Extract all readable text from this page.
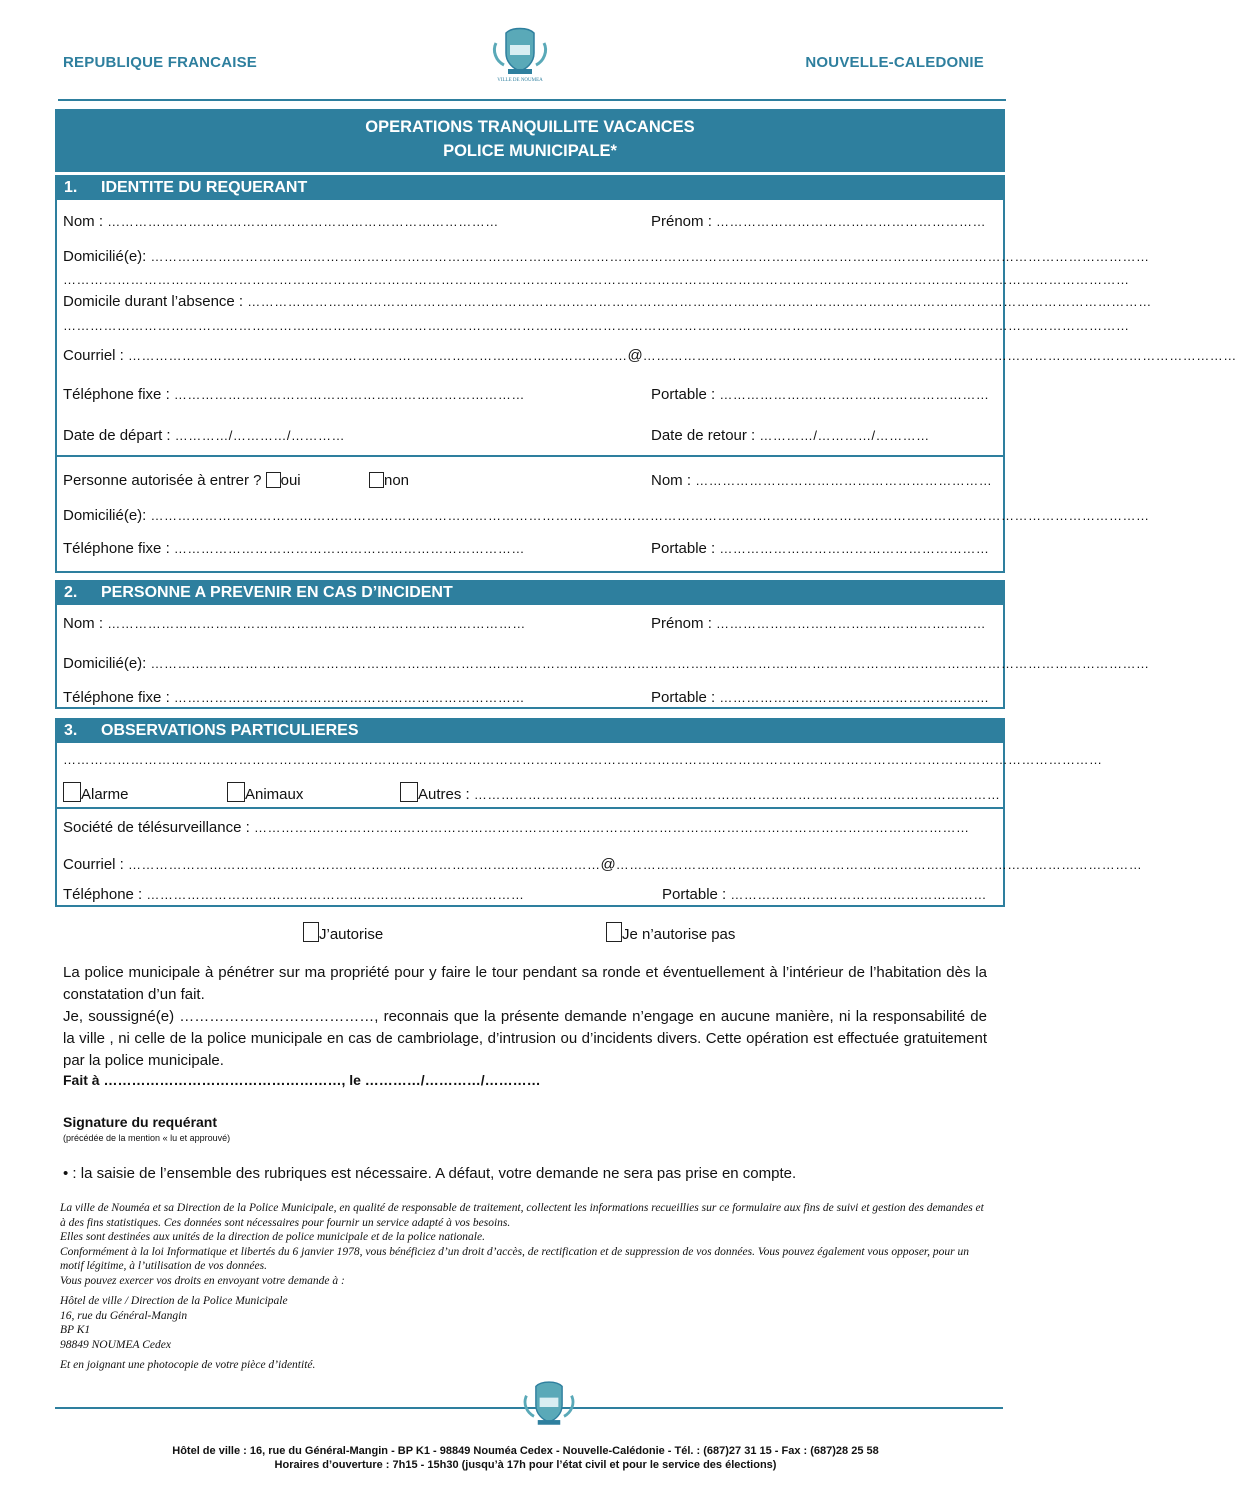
REPUBLIQUE FRANCAISE	NOUVELLE-CALEDONIE
VILLE DE NOUMEA
OPERATIONS TRANQUILLITE VACANCES
POLICE MUNICIPALE*
1. IDENTITE DU REQUERANT
Nom : ……………………………………………………………………………	Prénom : ……………………………………………………
Domicilié(e): ……………………………………………………………………………………………………………………………………………………………………………………………………
…………………………………………………………………………………………………………………………………………………………………………………………………………………
Domicile durant l’absence : …………………………………………………………………………………………………………………………………………………………………………………
…………………………………………………………………………………………………………………………………………………………………………………………………………………
Courriel : …………………………………………………………………………………………………@……………………………………………………………………………………………………………………
Téléphone fixe : ……………………………………………………………………	Portable : ……………………………………………………
Date de départ : …………/…………/…………	Date de retour : …………/…………/…………
Personne autorisée à entrer ? oui	non	Nom : …………………………………………………………
Domicilié(e): ……………………………………………………………………………………………………………………………………………………………………………………………………
Téléphone fixe : ……………………………………………………………………	Portable : ……………………………………………………
2. PERSONNE A PREVENIR EN CAS D’INCIDENT
Nom : …………………………………………………………………………………	Prénom : ……………………………………………………
Domicilié(e): ……………………………………………………………………………………………………………………………………………………………………………………………………
Téléphone fixe : ……………………………………………………………………	Portable : ……………………………………………………
3. OBSERVATIONS PARTICULIERES
……………………………………………………………………………………………………………………………………………………………………………………………………………
Alarme	Animaux	Autres : ………………………………………………………………………………………………………
Société de télésurveillance : ……………………………………………………………………………………………………………………………………………
Courriel : ……………………………………………………………………………………………@………………………………………………………………………………………………………
Téléphone : …………………………………………………………………………	Portable : …………………………………………………
J’autorise	Je n’autorise pas
La police municipale à pénétrer sur ma propriété pour y faire le tour pendant sa ronde et éventuellement à l’intérieur de l’habitation dès la constatation d’un fait.
Je, soussigné(e) …………………………………, reconnais que la présente demande n’engage en aucune manière, ni la responsabilité de la ville , ni celle de la police municipale en cas de cambriolage, d’intrusion ou d’incidents divers. Cette opération est effectuée gratuitement par la police municipale.
Fait à ……………………………………………, le …………/…………/…………
Signature du requérant
(précédée de la mention « lu et approuvé)
• : la saisie de l’ensemble des rubriques est nécessaire. A défaut, votre demande ne sera pas prise en compte.
La ville de Nouméa et sa Direction de la Police Municipale, en qualité de responsable de traitement, collectent les informations recueillies sur ce formulaire aux fins de suivi et gestion des demandes et à des fins statistiques. Ces données sont nécessaires pour fournir un service adapté à vos besoins.
Elles sont destinées aux unités de la direction de police municipale et de la police nationale.
Conformément à la loi Informatique et libertés du 6 janvier 1978, vous bénéficiez d’un droit d’accès, de rectification et de suppression de vos données. Vous pouvez également vous opposer, pour un motif légitime, à l’utilisation de vos données.
Vous pouvez exercer vos droits en envoyant votre demande à :
Hôtel de ville / Direction de la Police Municipale
16, rue du Général-Mangin
BP K1
98849 NOUMEA Cedex
Et en joignant une photocopie de votre pièce d’identité.
Hôtel de ville : 16, rue du Général-Mangin - BP K1 - 98849 Nouméa Cedex - Nouvelle-Calédonie - Tél. : (687)27 31 15 - Fax : (687)28 25 58
Horaires d’ouverture : 7h15 - 15h30 (jusqu’à 17h pour l’état civil et pour le service des élections)
